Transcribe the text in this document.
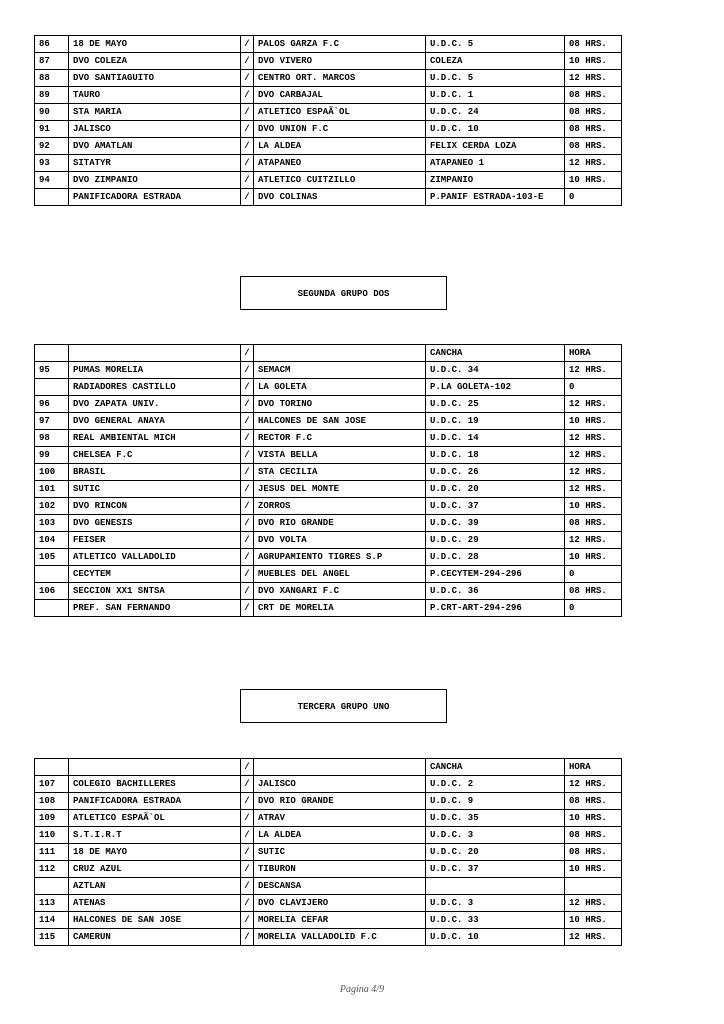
86	18 DE MAYO	/	PALOS GARZA F.C	U.D.C. 5	08 HRS.
87	DVO COLEZA	/	DVO VIVERO	COLEZA	10 HRS.
88	DVO SANTIAGUITO	/	CENTRO ORT. MARCOS	U.D.C. 5	12 HRS.
89	TAURO	/	DVO CARBAJAL	U.D.C. 1	08 HRS.
90	STA MARIA	/	ATLETICO ESPAÃ`OL	U.D.C. 24	08 HRS.
91	JALISCO	/	DVO UNION F.C	U.D.C. 10	08 HRS.
92	DVO AMATLAN	/	LA ALDEA	FELIX CERDA LOZA	08 HRS.
93	SITATYR	/	ATAPANEO	ATAPANEO 1	12 HRS.
94	DVO ZIMPANIO	/	ATLETICO CUITZILLO	ZIMPANIO	10 HRS.
	PANIFICADORA ESTRADA	/	DVO COLINAS	P.PANIF ESTRADA-103-E	0
SEGUNDA GRUPO DOS
		/		CANCHA	HORA
95	PUMAS MORELIA	/	SEMACM	U.D.C. 34	12 HRS.
	RADIADORES CASTILLO	/	LA GOLETA	P.LA GOLETA-102	0
96	DVO ZAPATA UNIV.	/	DVO TORINO	U.D.C. 25	12 HRS.
97	DVO GENERAL ANAYA	/	HALCONES DE SAN JOSE	U.D.C. 19	10 HRS.
98	REAL AMBIENTAL MICH	/	RECTOR F.C	U.D.C. 14	12 HRS.
99	CHELSEA F.C	/	VISTA BELLA	U.D.C. 18	12 HRS.
100	BRASIL	/	STA CECILIA	U.D.C. 26	12 HRS.
101	SUTIC	/	JESUS DEL MONTE	U.D.C. 20	12 HRS.
102	DVO RINCON	/	ZORROS	U.D.C. 37	10 HRS.
103	DVO GENESIS	/	DVO RIO GRANDE	U.D.C. 39	08 HRS.
104	FEISER	/	DVO VOLTA	U.D.C. 29	12 HRS.
105	ATLETICO VALLADOLID	/	AGRUPAMIENTO TIGRES S.P	U.D.C. 28	10 HRS.
	CECYTEM	/	MUEBLES DEL ANGEL	P.CECYTEM-294-296	0
106	SECCION XX1 SNTSA	/	DVO XANGARI F.C	U.D.C. 36	08 HRS.
	PREF. SAN FERNANDO	/	CRT DE MORELIA	P.CRT-ART-294-296	0
TERCERA GRUPO UNO
		/		CANCHA	HORA
107	COLEGIO BACHILLERES	/	JALISCO	U.D.C. 2	12 HRS.
108	PANIFICADORA ESTRADA	/	DVO RIO GRANDE	U.D.C. 9	08 HRS.
109	ATLETICO ESPAÃ`OL	/	ATRAV	U.D.C. 35	10 HRS.
110	S.T.I.R.T	/	LA ALDEA	U.D.C. 3	08 HRS.
111	18 DE MAYO	/	SUTIC	U.D.C. 20	08 HRS.
112	CRUZ AZUL	/	TIBURON	U.D.C. 37	10 HRS.
	AZTLAN	/	DESCANSA		
113	ATENAS	/	DVO CLAVIJERO	U.D.C. 3	12 HRS.
114	HALCONES DE SAN JOSE	/	MORELIA CEFAR	U.D.C. 33	10 HRS.
115	CAMERUN	/	MORELIA VALLADOLID F.C	U.D.C. 10	12 HRS.
Pagina 4/9
